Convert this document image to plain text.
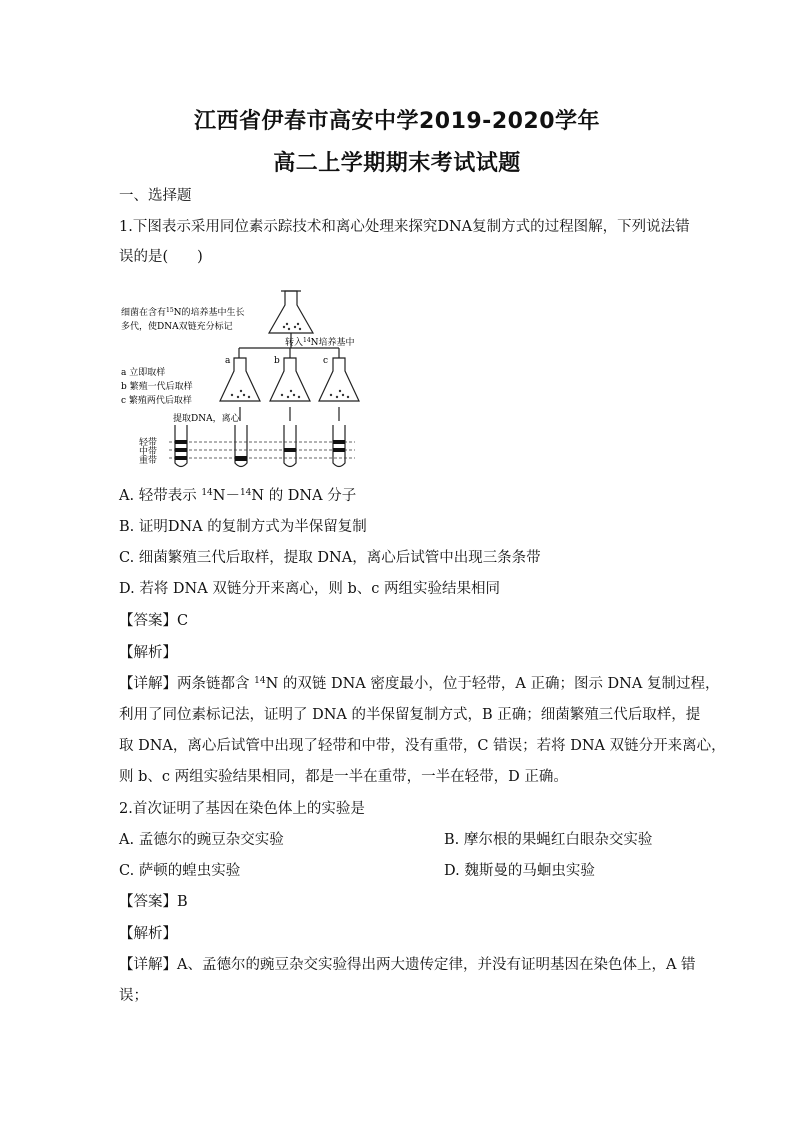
江西省伊春市高安中学2019-2020学年
高二上学期期末考试试题
一、选择题
1.下图表示采用同位素示踪技术和离心处理来探究DNA复制方式的过程图解，下列说法错
误的是(　　)
细菌在含有$^{15}$N的培养基中生长
多代，使DNA双链充分标记
转入$^{14}$N培养基中
a	b	c
a 立即取样
b 繁殖一代后取样
c 繁殖两代后取样
提取DNA，离心
轻带
中带
重带
A. 轻带表示 $^{14}$N－$^{14}$N 的 DNA 分子
B. 证明DNA 的复制方式为半保留复制
C. 细菌繁殖三代后取样，提取 DNA，离心后试管中出现三条条带
D. 若将 DNA 双链分开来离心，则 b、c 两组实验结果相同
【答案】C
【解析】
【详解】两条链都含 $^{14}$N 的双链 DNA 密度最小，位于轻带，A 正确；图示 DNA 复制过程，
利用了同位素标记法，证明了 DNA 的半保留复制方式，B 正确；细菌繁殖三代后取样，提
取 DNA，离心后试管中出现了轻带和中带，没有重带，C 错误；若将 DNA 双链分开来离心，
则 b、c 两组实验结果相同，都是一半在重带，一半在轻带，D 正确。
2.首次证明了基因在染色体上的实验是
A. 孟德尔的豌豆杂交实验	B. 摩尔根的果蝇红白眼杂交实验
C. 萨顿的蝗虫实验	D. 魏斯曼的马蛔虫实验
【答案】B
【解析】
【详解】A、孟德尔的豌豆杂交实验得出两大遗传定律，并没有证明基因在染色体上，A 错
误；
